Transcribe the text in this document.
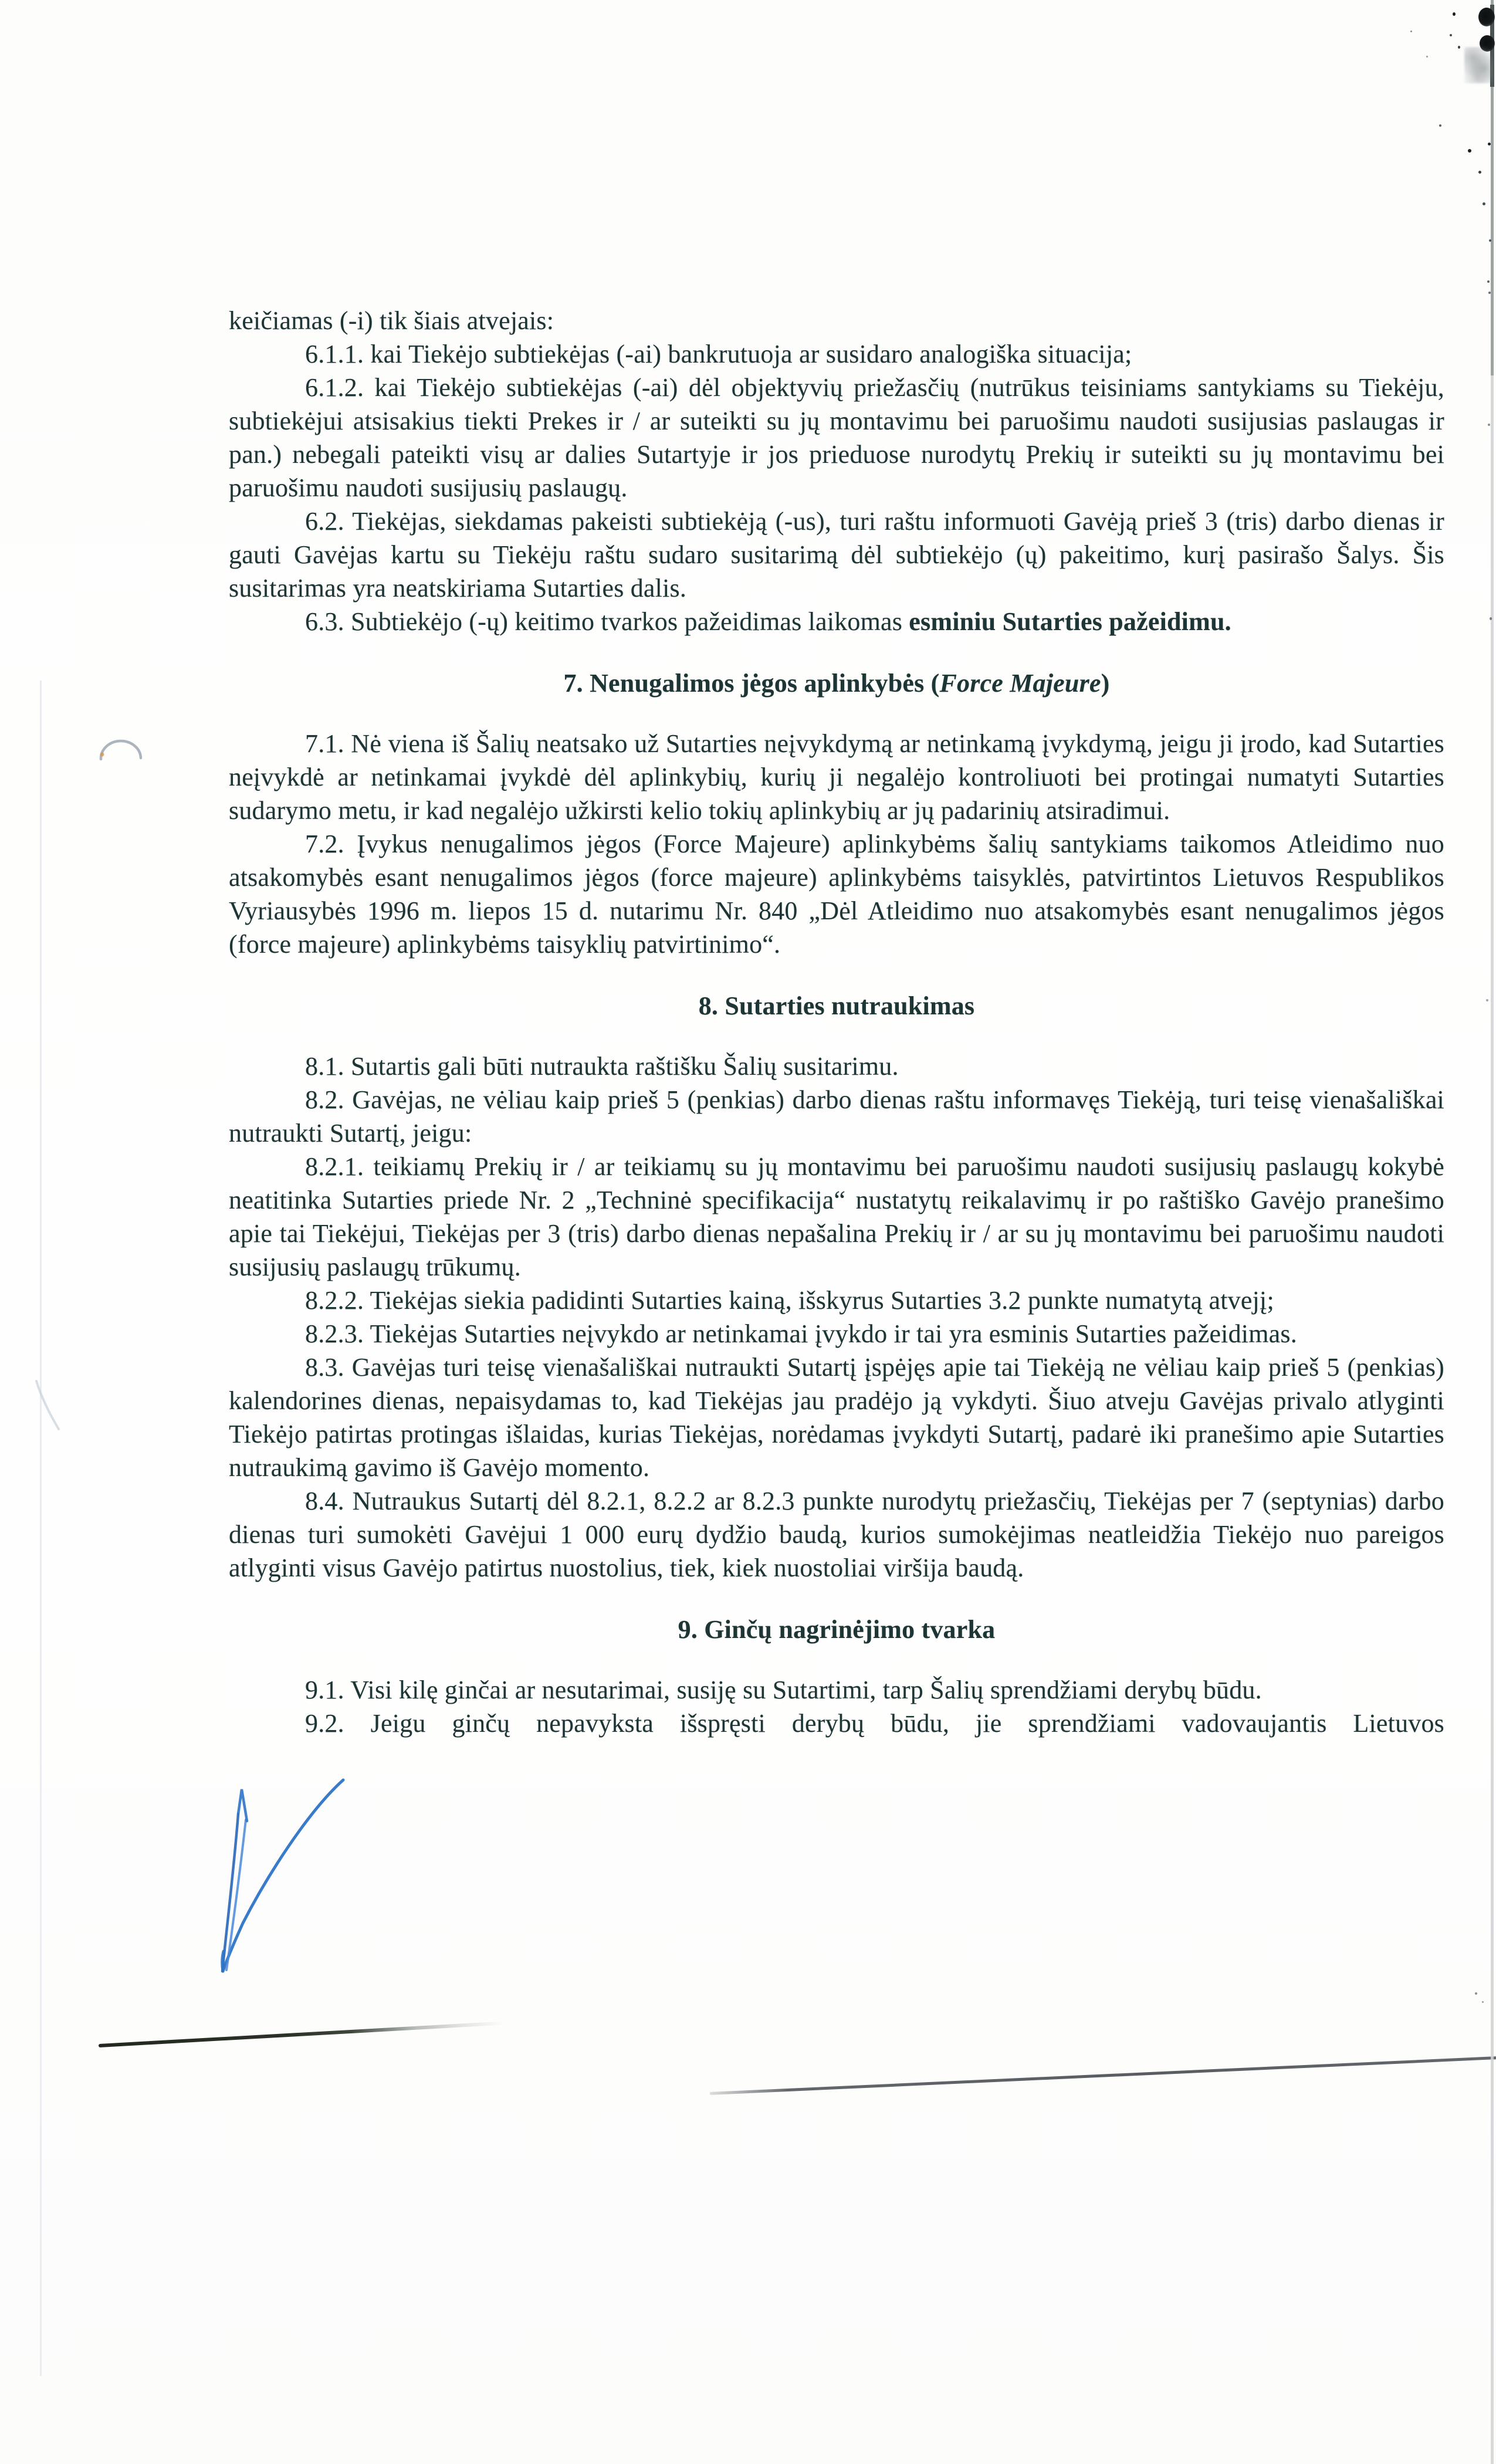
keičiamas (-i) tik šiais atvejais:
6.1.1. kai Tiekėjo subtiekėjas (-ai) bankrutuoja ar susidaro analogiška situacija;
6.1.2. kai Tiekėjo subtiekėjas (-ai) dėl objektyvių priežasčių (nutrūkus teisiniams santykiams su Tiekėju, subtiekėjui atsisakius tiekti Prekes ir / ar suteikti su jų montavimu bei paruošimu naudoti susijusias paslaugas ir pan.) nebegali pateikti visų ar dalies Sutartyje ir jos prieduose nurodytų Prekių ir suteikti su jų montavimu bei paruošimu naudoti susijusių paslaugų.
6.2. Tiekėjas, siekdamas pakeisti subtiekėją (-us), turi raštu informuoti Gavėją prieš 3 (tris) darbo dienas ir gauti Gavėjas kartu su Tiekėju raštu sudaro susitarimą dėl subtiekėjo (ų) pakeitimo, kurį pasirašo Šalys. Šis susitarimas yra neatskiriama Sutarties dalis.
6.3. Subtiekėjo (-ų) keitimo tvarkos pažeidimas laikomas esminiu Sutarties pažeidimu.
7. Nenugalimos jėgos aplinkybės (Force Majeure)
7.1. Nė viena iš Šalių neatsako už Sutarties neįvykdymą ar netinkamą įvykdymą, jeigu ji įrodo, kad Sutarties neįvykdė ar netinkamai įvykdė dėl aplinkybių, kurių ji negalėjo kontroliuoti bei protingai numatyti Sutarties sudarymo metu, ir kad negalėjo užkirsti kelio tokių aplinkybių ar jų padarinių atsiradimui.
7.2. Įvykus nenugalimos jėgos (Force Majeure) aplinkybėms šalių santykiams taikomos Atleidimo nuo atsakomybės esant nenugalimos jėgos (force majeure) aplinkybėms taisyklės, patvirtintos Lietuvos Respublikos Vyriausybės 1996 m. liepos 15 d. nutarimu Nr. 840 „Dėl Atleidimo nuo atsakomybės esant nenugalimos jėgos (force majeure) aplinkybėms taisyklių patvirtinimo“.
8. Sutarties nutraukimas
8.1. Sutartis gali būti nutraukta raštišku Šalių susitarimu.
8.2. Gavėjas, ne vėliau kaip prieš 5 (penkias) darbo dienas raštu informavęs Tiekėją, turi teisę vienašališkai nutraukti Sutartį, jeigu:
8.2.1. teikiamų Prekių ir / ar teikiamų su jų montavimu bei paruošimu naudoti susijusių paslaugų kokybė neatitinka Sutarties priede Nr. 2 „Techninė specifikacija“ nustatytų reikalavimų ir po raštiško Gavėjo pranešimo apie tai Tiekėjui, Tiekėjas per 3 (tris) darbo dienas nepašalina Prekių ir / ar su jų montavimu bei paruošimu naudoti susijusių paslaugų trūkumų.
8.2.2. Tiekėjas siekia padidinti Sutarties kainą, išskyrus Sutarties 3.2 punkte numatytą atvejį;
8.2.3. Tiekėjas Sutarties neįvykdo ar netinkamai įvykdo ir tai yra esminis Sutarties pažeidimas.
8.3. Gavėjas turi teisę vienašališkai nutraukti Sutartį įspėjęs apie tai Tiekėją ne vėliau kaip prieš 5 (penkias) kalendorines dienas, nepaisydamas to, kad Tiekėjas jau pradėjo ją vykdyti. Šiuo atveju Gavėjas privalo atlyginti Tiekėjo patirtas protingas išlaidas, kurias Tiekėjas, norėdamas įvykdyti Sutartį, padarė iki pranešimo apie Sutarties nutraukimą gavimo iš Gavėjo momento.
8.4. Nutraukus Sutartį dėl 8.2.1, 8.2.2 ar 8.2.3 punkte nurodytų priežasčių, Tiekėjas per 7 (septynias) darbo dienas turi sumokėti Gavėjui 1 000 eurų dydžio baudą, kurios sumokėjimas neatleidžia Tiekėjo nuo pareigos atlyginti visus Gavėjo patirtus nuostolius, tiek, kiek nuostoliai viršija baudą.
9. Ginčų nagrinėjimo tvarka
9.1. Visi kilę ginčai ar nesutarimai, susiję su Sutartimi, tarp Šalių sprendžiami derybų būdu.
9.2. Jeigu ginčų nepavyksta išspręsti derybų būdu, jie sprendžiami vadovaujantis Lietuvos
